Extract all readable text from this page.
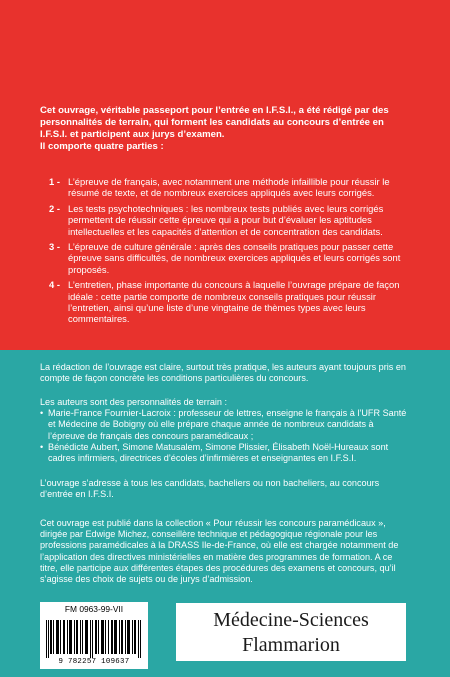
Cet ouvrage, véritable passeport pour l’entrée en I.F.S.I., a été rédigé par des personnalités de terrain, qui forment les candidats au concours d’entrée en I.F.S.I. et participent aux jurys d’examen.

Il comporte quatre parties :

1 - L’épreuve de français, avec notamment une méthode infaillible pour réussir le résumé de texte, et de nombreux exercices appliqués avec leurs corrigés.
2 - Les tests psychotechniques : les nombreux tests publiés avec leurs corrigés permettent de réussir cette épreuve qui a pour but d’évaluer les aptitudes intellectuelles et les capacités d’attention et de concentration des candidats.
3 - L’épreuve de culture générale : après des conseils pratiques pour passer cette épreuve sans difficultés, de nombreux exercices appliqués et leurs corrigés sont proposés.
4 - L’entretien, phase importante du concours à laquelle l’ouvrage prépare de façon idéale : cette partie comporte de nombreux conseils pratiques pour réussir l’entretien, ainsi qu’une liste d’une vingtaine de thèmes types avec leurs commentaires.

La rédaction de l’ouvrage est claire, surtout très pratique, les auteurs ayant toujours pris en compte de façon concrète les conditions particulières du concours.

Les auteurs sont des personnalités de terrain :

• Marie-France Fournier-Lacroix : professeur de lettres, enseigne le français à l’UFR Santé et Médecine de Bobigny où elle prépare chaque année de nombreux candidats à l’épreuve de français des concours paramédicaux ;
• Bénédicte Aubert, Simone Matusalem, Simone Plissier, Élisabeth Noël-Hureaux sont cadres infirmiers, directrices d’écoles d’infirmières et enseignantes en I.F.S.I.

L’ouvrage s’adresse à tous les candidats, bacheliers ou non bacheliers, au concours d’entrée en I.F.S.I.

Cet ouvrage est publié dans la collection « Pour réussir les concours paramédicaux », dirigée par Edwige Michez, conseillère technique et pédagogique régionale pour les professions paramédicales à la DRASS Ile-de-France, où elle est chargée notamment de l’application des directives ministérielles en matière des programmes de formation. A ce titre, elle participe aux différentes étapes des procédures des examens et concours, qu’il s’agisse des choix de sujets ou de jurys d’admission.

FM 0963-99-VII
9 782257 109637
Médecine-Sciences
Flammarion
